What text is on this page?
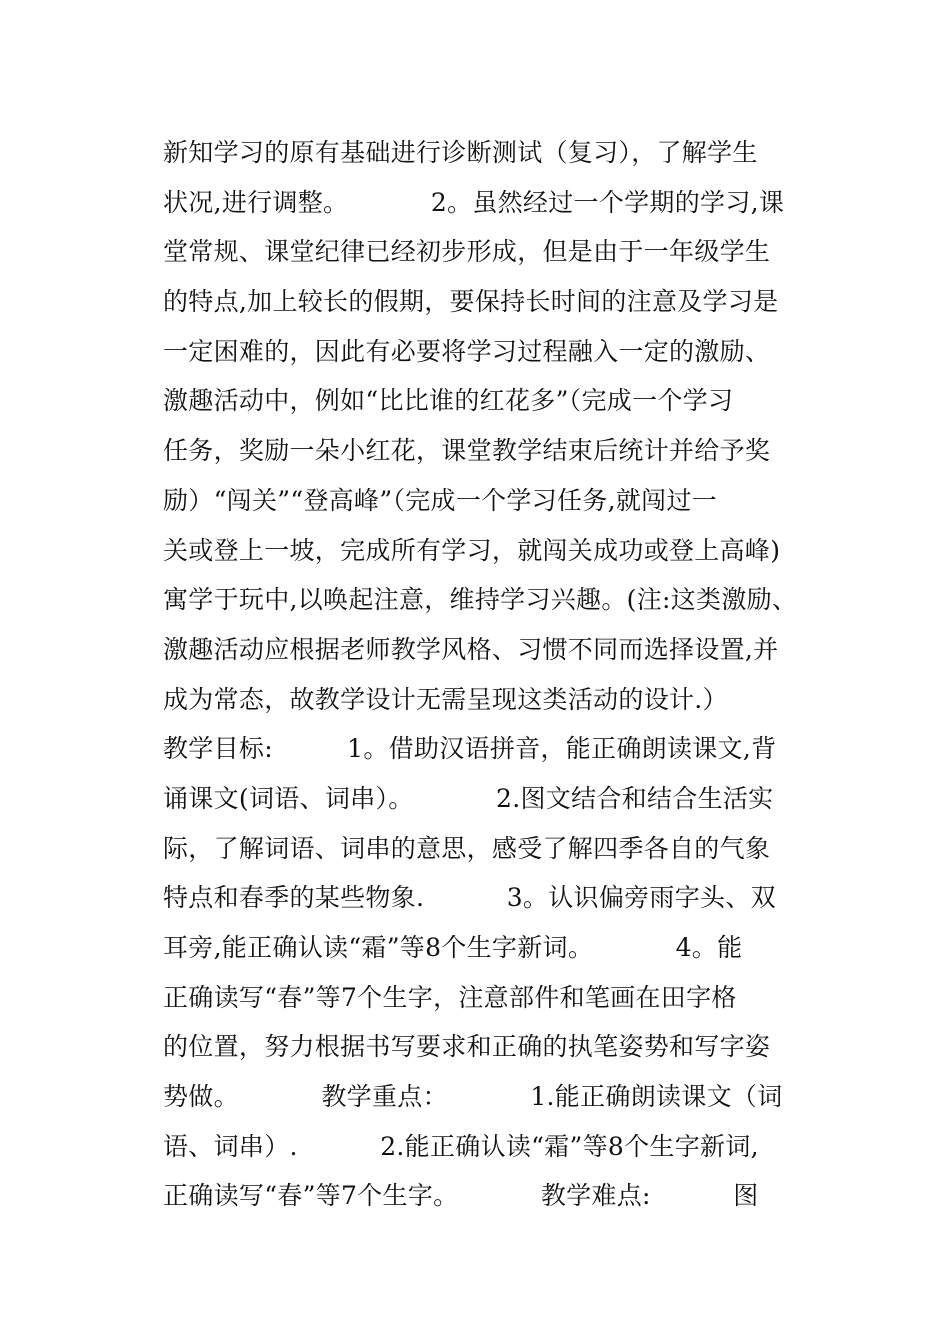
新知学习的原有基础进行诊断测试（复习），了解学生
状况,进行调整。          2。虽然经过一个学期的学习,课
堂常规、课堂纪律已经初步形成，但是由于一年级学生
的特点,加上较长的假期，要保持长时间的注意及学习是
一定困难的，因此有必要将学习过程融入一定的激励、
激趣活动中，例如“比比谁的红花多”（完成一个学习
任务，奖励一朵小红花，课堂教学结束后统计并给予奖
励）“闯关”“登高峰”（完成一个学习任务,就闯过一
关或登上一坡，完成所有学习，就闯关成功或登上高峰)
寓学于玩中,以唤起注意，维持学习兴趣。(注:这类激励、
激趣活动应根据老师教学风格、习惯不同而选择设置,并
成为常态，故教学设计无需呈现这类活动的设计.）
教学目标:         1。借助汉语拼音，能正确朗读课文,背
诵课文(词语、词串）。          2.图文结合和结合生活实
际，了解词语、词串的意思，感受了解四季各自的气象
特点和春季的某些物象.          3。认识偏旁雨字头、双
耳旁,能正确认读“霜”等8个生字新词。          4。能
正确读写“春”等7个生字，注意部件和笔画在田字格
的位置，努力根据书写要求和正确的执笔姿势和写字姿
势做。          教学重点：          1.能正确朗读课文（词
语、词串）.          2.能正确认读“霜”等8个生字新词,
正确读写“春”等7个生字。          教学难点:          图
